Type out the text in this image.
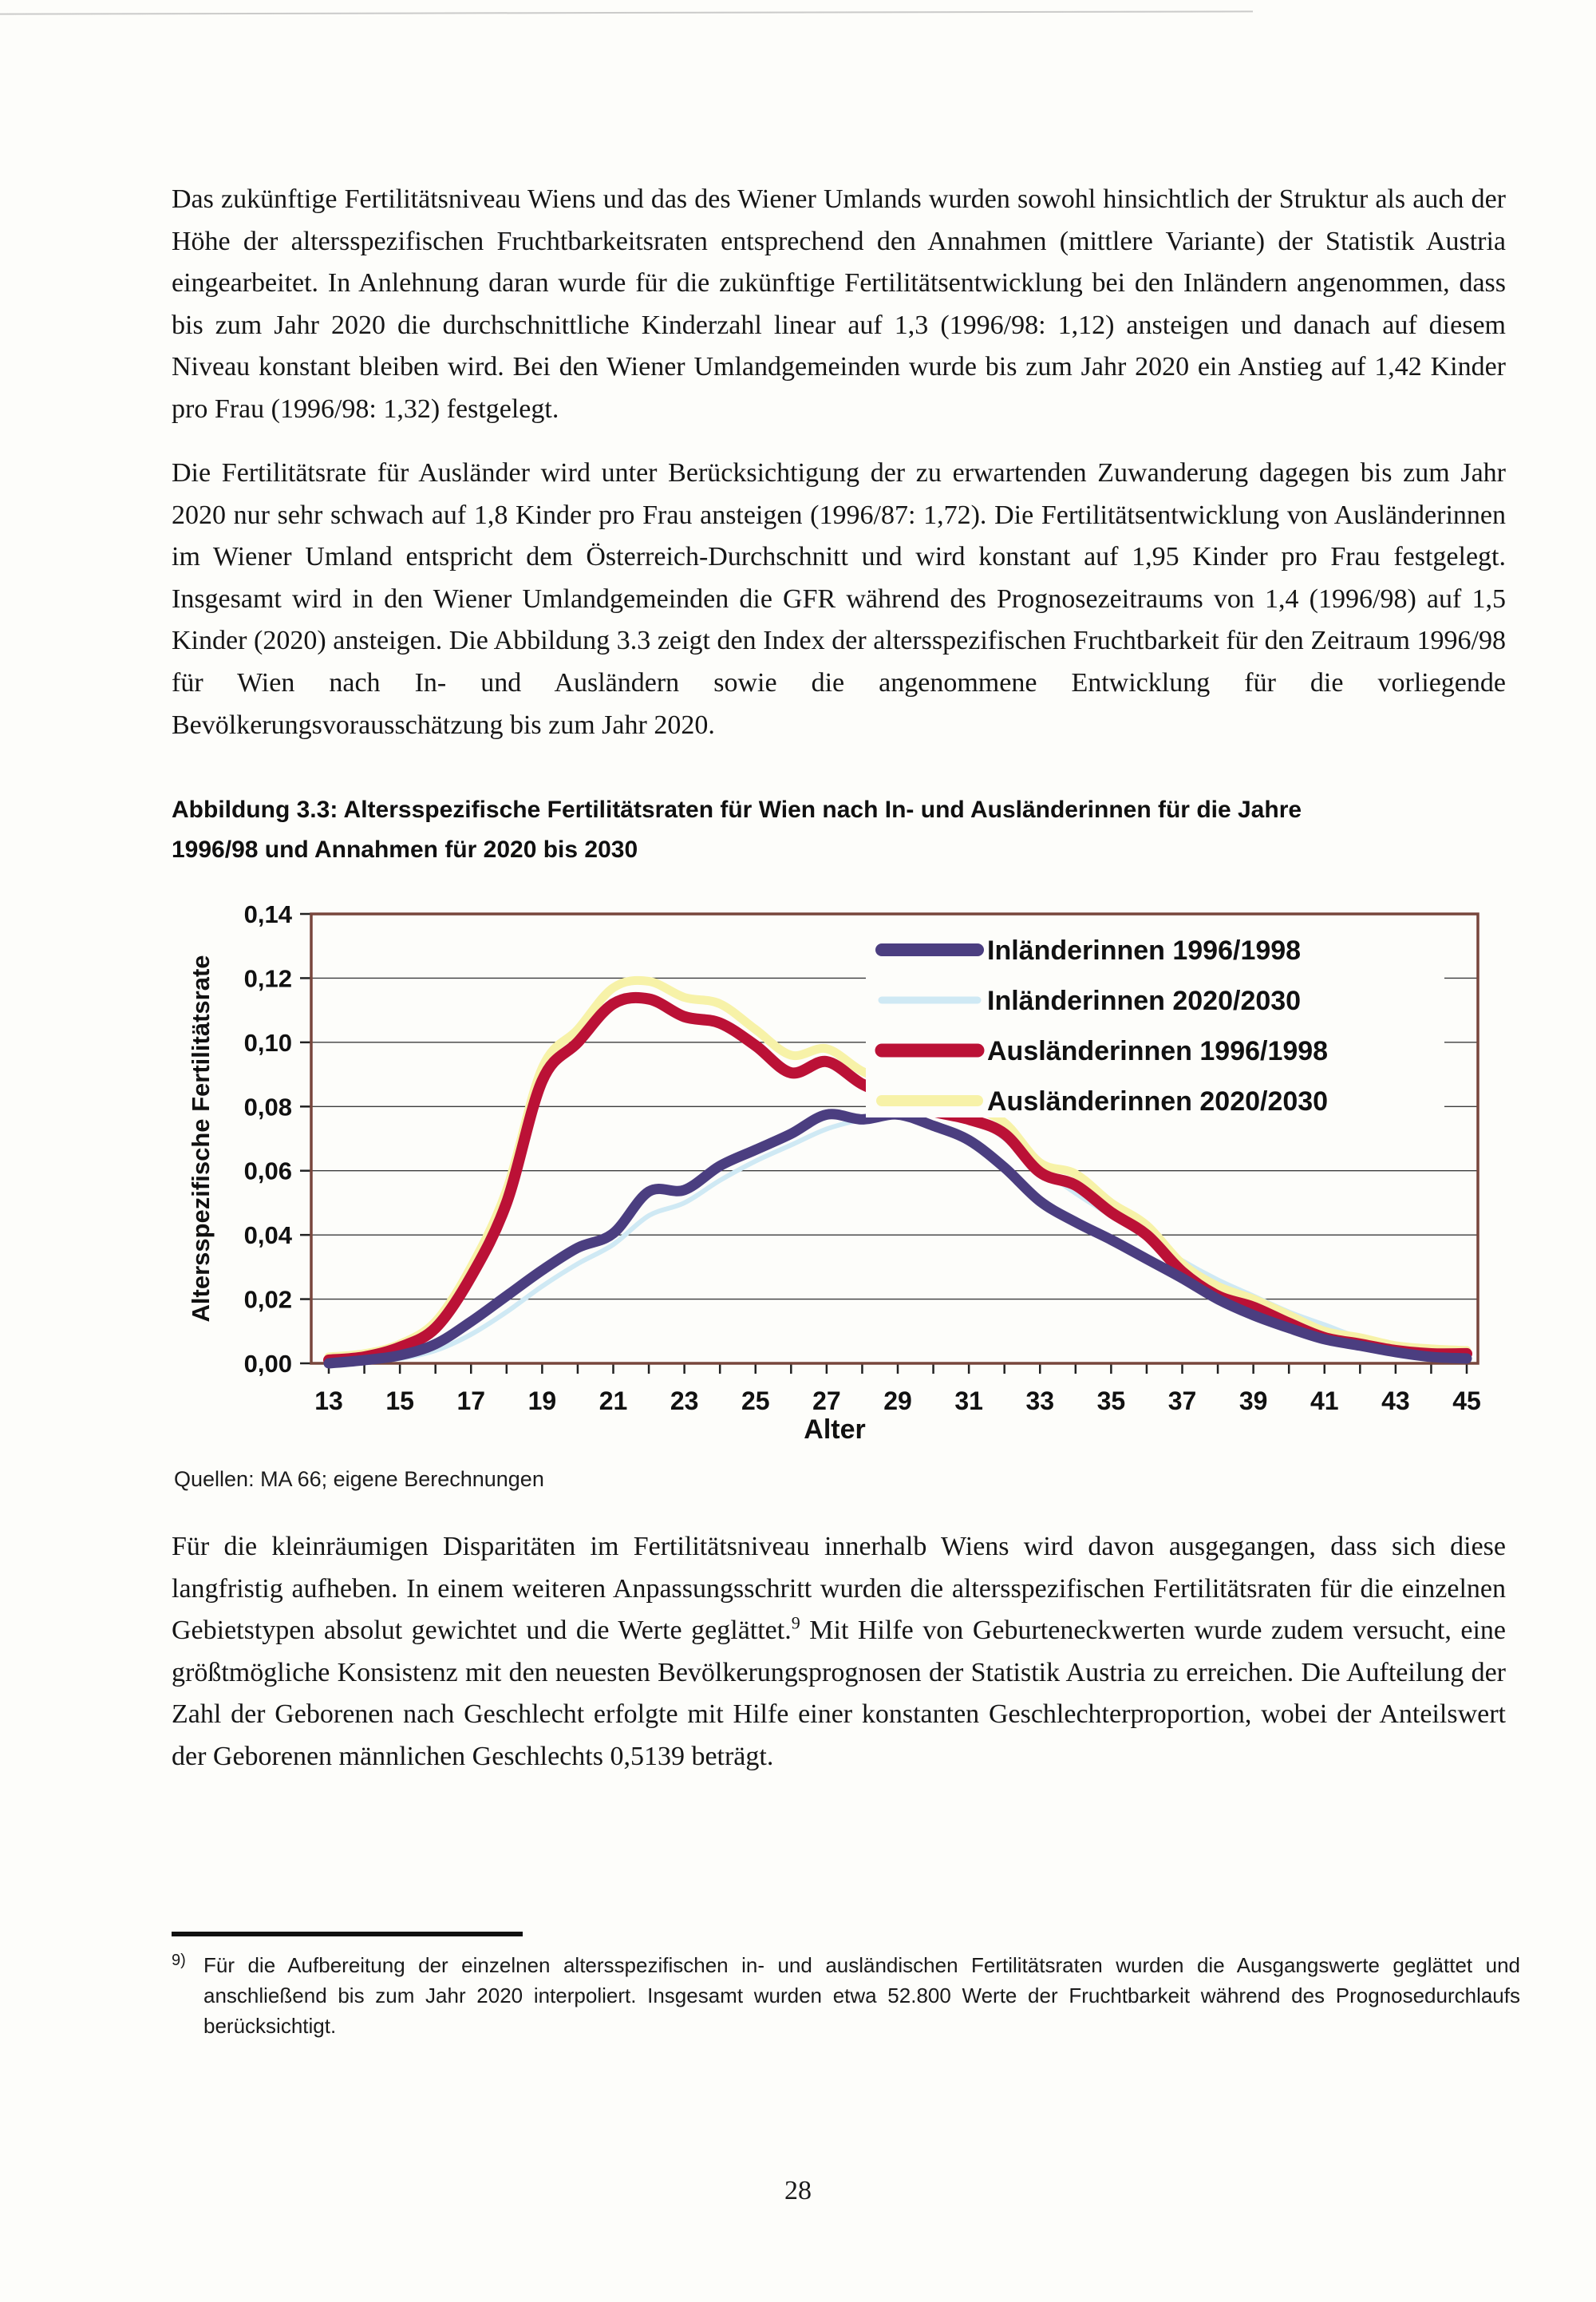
Das zukünftige Fertilitätsniveau Wiens und das des Wiener Umlands wurden sowohl hinsichtlich der Struktur als auch der Höhe der altersspezifischen Fruchtbarkeitsraten entsprechend den Annahmen (mittlere Variante) der Statistik Austria eingearbeitet. In Anlehnung daran wurde für die zukünftige Fertilitätsentwicklung bei den Inländern angenommen, dass bis zum Jahr 2020 die durchschnittliche Kinderzahl linear auf 1,3 (1996/98: 1,12) ansteigen und danach auf diesem Niveau konstant bleiben wird. Bei den Wiener Umlandgemeinden wurde bis zum Jahr 2020 ein Anstieg auf 1,42 Kinder pro Frau (1996/98: 1,32) festgelegt.

Die Fertilitätsrate für Ausländer wird unter Berücksichtigung der zu erwartenden Zuwanderung dagegen bis zum Jahr 2020 nur sehr schwach auf 1,8 Kinder pro Frau ansteigen (1996/87: 1,72). Die Fertilitätsentwicklung von Ausländerinnen im Wiener Umland entspricht dem Österreich-Durchschnitt und wird konstant auf 1,95 Kinder pro Frau festgelegt. Insgesamt wird in den Wiener Umlandgemeinden die GFR während des Prognosezeitraums von 1,4 (1996/98) auf 1,5 Kinder (2020) ansteigen. Die Abbildung 3.3 zeigt den Index der altersspezifischen Fruchtbarkeit für den Zeitraum 1996/98 für Wien nach In- und Ausländern sowie die angenommene Entwicklung für die vorliegende Bevölkerungsvorausschätzung bis zum Jahr 2020.

Abbildung 3.3: Altersspezifische Fertilitätsraten für Wien nach In- und Ausländerinnen für die Jahre 1996/98 und Annahmen für 2020 bis 2030
0,00
0,02
0,04
0,06
0,08
0,10
0,12
0,14
13 15 17 19 21 23 25 27 29 31 33 35 37 39 41 43 45
Inländerinnen 1996/1998
Inländerinnen 2020/2030
Ausländerinnen 1996/1998
Ausländerinnen 2020/2030
Altersspezifische Fertilitätsrate
Alter
Quellen: MA 66; eigene Berechnungen

Für die kleinräumigen Disparitäten im Fertilitätsniveau innerhalb Wiens wird davon ausgegangen, dass sich diese langfristig aufheben. In einem weiteren Anpassungsschritt wurden die altersspezifischen Fertilitätsraten für die einzelnen Gebietstypen absolut gewichtet und die Werte geglättet.$^9$ Mit Hilfe von Geburteneckwerten wurde zudem versucht, eine größtmögliche Konsistenz mit den neuesten Bevölkerungsprognosen der Statistik Austria zu erreichen. Die Aufteilung der Zahl der Geborenen nach Geschlecht erfolgte mit Hilfe einer konstanten Geschlechterproportion, wobei der Anteilswert der Geborenen männlichen Geschlechts 0,5139 beträgt.

9) Für die Aufbereitung der einzelnen altersspezifischen in- und ausländischen Fertilitätsraten wurden die Ausgangswerte geglättet und anschließend bis zum Jahr 2020 interpoliert. Insgesamt wurden etwa 52.800 Werte der Fruchtbarkeit während des Prognosedurchlaufs berücksichtigt.
28
